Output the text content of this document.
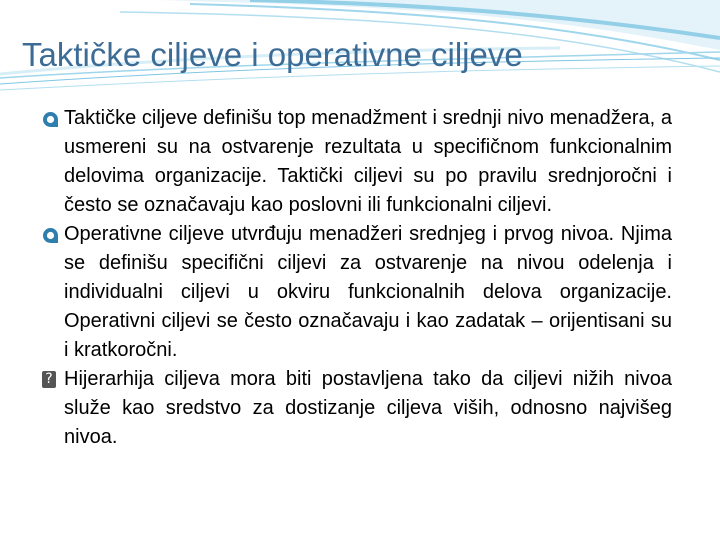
Taktičke ciljeve i operativne ciljeve
Taktičke ciljeve definišu top menadžment i srednji nivo menadžera, a usmereni su na ostvarenje rezultata u specifičnom funkcionalnim delovima organizacije. Taktički ciljevi su po pravilu srednjoročni i često se označavaju kao poslovni ili funkcionalni ciljevi.
Operativne ciljeve utvrđuju menadžeri srednjeg i prvog nivoa. Njima se definišu specifični ciljevi za ostvarenje na nivou odelenja i individualni ciljevi u okviru funkcionalnih delova organizacije. Operativni ciljevi se često označavaju i kao zadatak – orijentisani su i kratkoročni.
? Hijerarhija ciljeva mora biti postavljena tako da ciljevi nižih nivoa služe kao sredstvo za dostizanje ciljeva viših, odnosno najvišeg nivoa.
